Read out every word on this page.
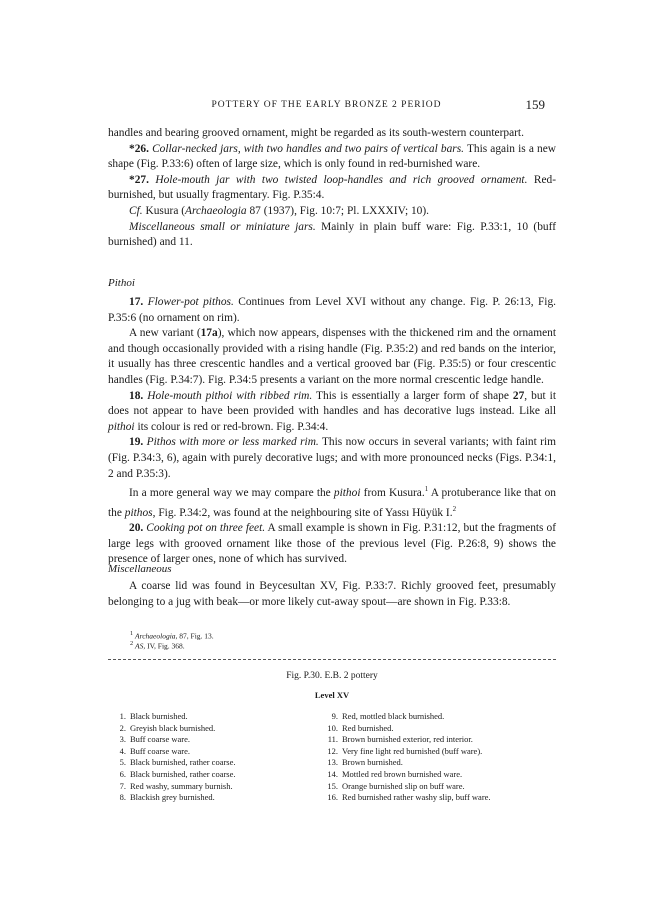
POTTERY OF THE EARLY BRONZE 2 PERIOD	159

handles and bearing grooved ornament, might be regarded as its south-western counterpart.

*26. Collar-necked jars, with two handles and two pairs of vertical bars. This again is a new shape (Fig. P.33:6) often of large size, which is only found in red-burnished ware.

*27. Hole-mouth jar with two twisted loop-handles and rich grooved ornament. Red-burnished, but usually fragmentary. Fig. P.35:4.

Cf. Kusura (Archaeologia 87 (1937), Fig. 10:7; Pl. LXXXIV; 10).

Miscellaneous small or miniature jars. Mainly in plain buff ware: Fig. P.33:1, 10 (buff burnished) and 11.

Pithoi

17. Flower-pot pithos. Continues from Level XVI without any change. Fig. P. 26:13, Fig. P.35:6 (no ornament on rim).

A new variant (17a), which now appears, dispenses with the thickened rim and the ornament and though occasionally provided with a rising handle (Fig. P.35:2) and red bands on the interior, it usually has three crescentic handles and a vertical grooved bar (Fig. P.35:5) or four crescentic handles (Fig. P.34:7). Fig. P.34:5 presents a variant on the more normal crescentic ledge handle.

18. Hole-mouth pithoi with ribbed rim. This is essentially a larger form of shape 27, but it does not appear to have been provided with handles and has decorative lugs instead. Like all pithoi its colour is red or red-brown. Fig. P.34:4.

19. Pithos with more or less marked rim. This now occurs in several variants; with faint rim (Fig. P.34:3, 6), again with purely decorative lugs; and with more pronounced necks (Figs. P.34:1, 2 and P.35:3).

In a more general way we may compare the pithoi from Kusura.$^1$ A protuberance like that on the pithos, Fig. P.34:2, was found at the neighbouring site of Yassı Hüyük I.$^2$

20. Cooking pot on three feet. A small example is shown in Fig. P.31:12, but the fragments of large legs with grooved ornament like those of the previous level (Fig. P.26:8, 9) shows the presence of larger ones, none of which has survived.

Miscellaneous

A coarse lid was found in Beycesultan XV, Fig. P.33:7. Richly grooved feet, presumably belonging to a jug with beak—or more likely cut-away spout—are shown in Fig. P.33:8.

$^1$ Archaeologia, 87, Fig. 13.
$^2$ AS, IV, Fig. 368.
Fig. P.30. E.B. 2 pottery
Level XV
1. Black burnished.
2. Greyish black burnished.
3. Buff coarse ware.
4. Buff coarse ware.
5. Black burnished, rather coarse.
6. Black burnished, rather coarse.
7. Red washy, summary burnish.
8. Blackish grey burnished.
9. Red, mottled black burnished.
10. Red burnished.
11. Brown burnished exterior, red interior.
12. Very fine light red burnished (buff ware).
13. Brown burnished.
14. Mottled red brown burnished ware.
15. Orange burnished slip on buff ware.
16. Red burnished rather washy slip, buff ware.
